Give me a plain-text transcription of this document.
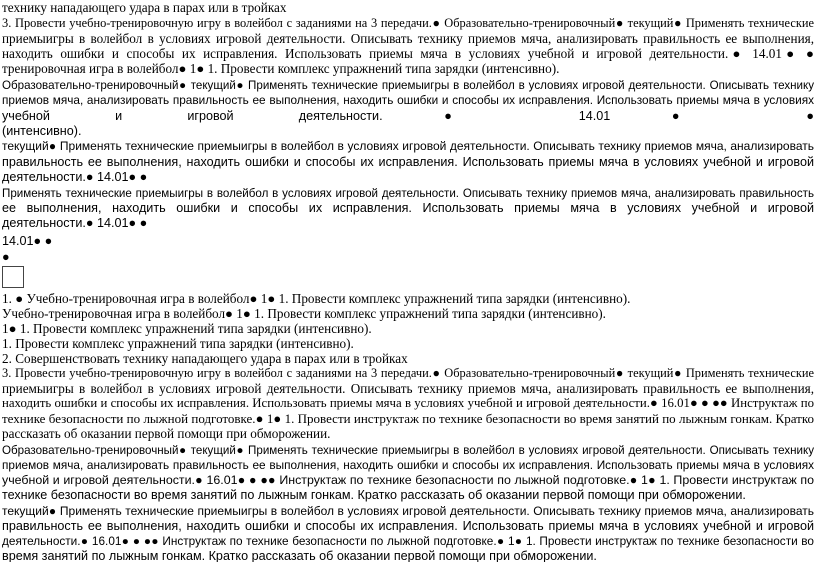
технику нападающего удара в парах или в тройках
3. Провести учебно-тренировочную игру в волейбол с заданиями на 3 передачи.● Образовательно-тренировочный● текущий● Применять технические
приемыигры в волейбол в условиях игровой деятельности. Описывать технику приемов мяча, анализировать правильность ее выполнения,
находить ошибки и способы их исправления. Использовать приемы мяча в условиях учебной и игровой деятельности.● 14.01● ●
тренировочная игра в волейбол● 1● 1. Провести комплекс упражнений типа зарядки (интенсивно).
Образовательно-тренировочный● текущий● Применять технические приемыигры в волейбол в условиях игровой деятельности. Описывать технику
приемов мяча, анализировать правильность ее выполнения, находить ошибки и способы их исправления. Использовать приемы мяча в условиях
учебной и игровой деятельности.● 14.01● ●
(интенсивно).
текущий● Применять технические приемыигры в волейбол в условиях игровой деятельности. Описывать технику приемов мяча, анализировать
правильность ее выполнения, находить ошибки и способы их исправления. Использовать приемы мяча в условиях учебной и игровой
деятельности.● 14.01● ●
Применять технические приемыигры в волейбол в условиях игровой деятельности. Описывать технику приемов мяча, анализировать правильность
ее выполнения, находить ошибки и способы их исправления. Использовать приемы мяча в условиях учебной и игровой
деятельности.● 14.01● ●
14.01● ●
●
1. ● Учебно-тренировочная игра в волейбол● 1● 1. Провести комплекс упражнений типа зарядки (интенсивно).
Учебно-тренировочная игра в волейбол● 1● 1. Провести комплекс упражнений типа зарядки (интенсивно).
1● 1. Провести комплекс упражнений типа зарядки (интенсивно).
1. Провести комплекс упражнений типа зарядки (интенсивно).
2. Совершенствовать технику нападающего удара в парах или в тройках
3. Провести учебно-тренировочную игру в волейбол с заданиями на 3 передачи.● Образовательно-тренировочный● текущий● Применять технические
приемыигры в волейбол в условиях игровой деятельности. Описывать технику приемов мяча, анализировать правильность ее выполнения,
находить ошибки и способы их исправления. Использовать приемы мяча в условиях учебной и игровой деятельности.● 16.01● ● ●● Инструктаж по
технике безопасности по лыжной подготовке.● 1● 1. Провести инструктаж по технике безопасности во время занятий по лыжным гонкам. Кратко
рассказать об оказании первой помощи при обморожении.
Образовательно-тренировочный● текущий● Применять технические приемыигры в волейбол в условиях игровой деятельности. Описывать технику
приемов мяча, анализировать правильность ее выполнения, находить ошибки и способы их исправления. Использовать приемы мяча в условиях
учебной и игровой деятельности.● 16.01● ● ●● Инструктаж по технике безопасности по лыжной подготовке.● 1● 1. Провести инструктаж по
технике безопасности во время занятий по лыжным гонкам. Кратко рассказать об оказании первой помощи при обморожении.
текущий● Применять технические приемыигры в волейбол в условиях игровой деятельности. Описывать технику приемов мяча, анализировать
правильность ее выполнения, находить ошибки и способы их исправления. Использовать приемы мяча в условиях учебной и игровой
деятельности.● 16.01● ● ●● Инструктаж по технике безопасности по лыжной подготовке.● 1● 1. Провести инструктаж по технике безопасности во
время занятий по лыжным гонкам. Кратко рассказать об оказании первой помощи при обморожении.
